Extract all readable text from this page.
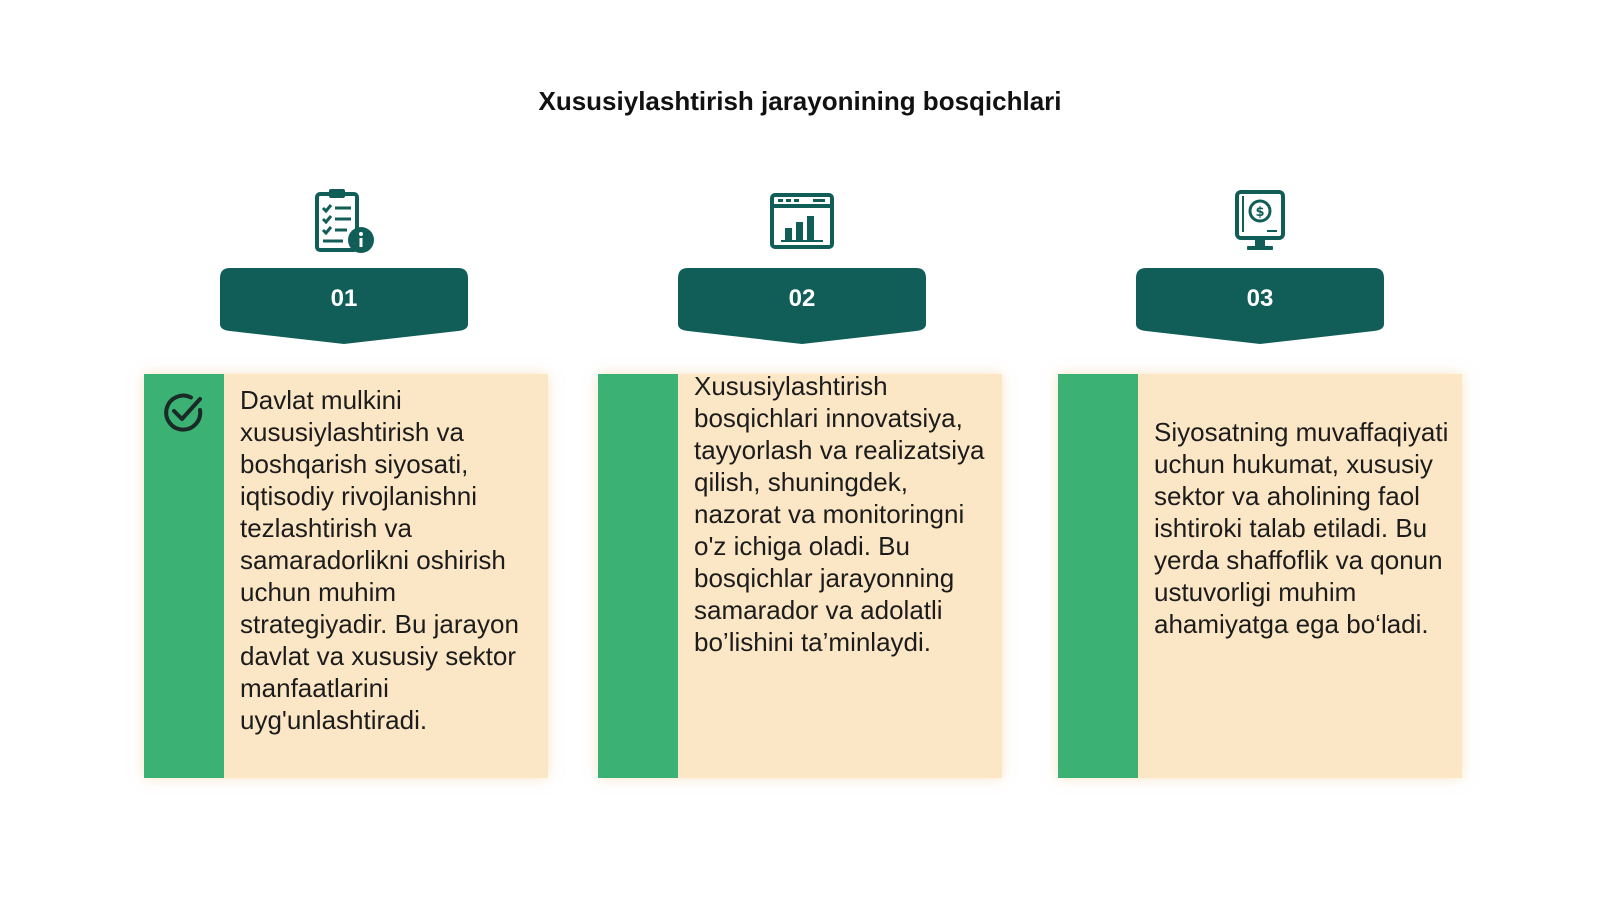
Xususiylashtirish jarayonining bosqichlari
01
Davlat mulkini xususiylashtirish va boshqarish siyosati, iqtisodiy rivojlanishni tezlashtirish va samaradorlikni oshirish uchun muhim strategiyadir. Bu jarayon davlat va xususiy sektor manfaatlarini uyg'unlashtiradi.
02
Xususiylashtirish bosqichlari innovatsiya, tayyorlash va realizatsiya qilish, shuningdek, nazorat va monitoringni o'z ichiga oladi. Bu bosqichlar jarayonning samarador va adolatli bo’lishini ta’minlaydi.
$
03
Siyosatning muvaffaqiyati uchun hukumat, xususiy sektor va aholining faol ishtiroki talab etiladi. Bu yerda shaffoflik va qonun ustuvorligi muhim ahamiyatga ega bo‘ladi.
